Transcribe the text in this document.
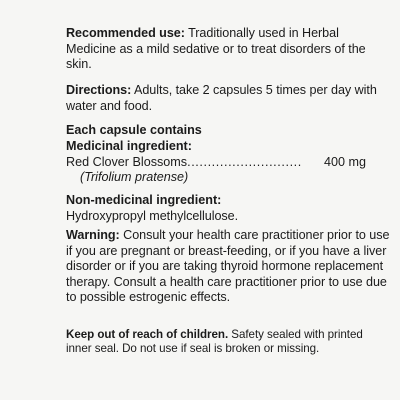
Recommended use: Traditionally used in Herbal Medicine as a mild sedative or to treat disorders of the skin.

Directions: Adults, take 2 capsules 5 times per day with water and food.

Each capsule contains

Medicinal ingredient:

Red Clover Blossoms ............................	400 mg
(Trifolium pratense)

Non-medicinal ingredient:

Hydroxypropyl methylcellulose.

Warning: Consult your health care practitioner prior to use if you are pregnant or breast-feeding, or if you have a liver disorder or if you are taking thyroid hormone replacement therapy. Consult a health care practitioner prior to use due to possible estrogenic effects.

Keep out of reach of children. Safety sealed with printed inner seal. Do not use if seal is broken or missing.
